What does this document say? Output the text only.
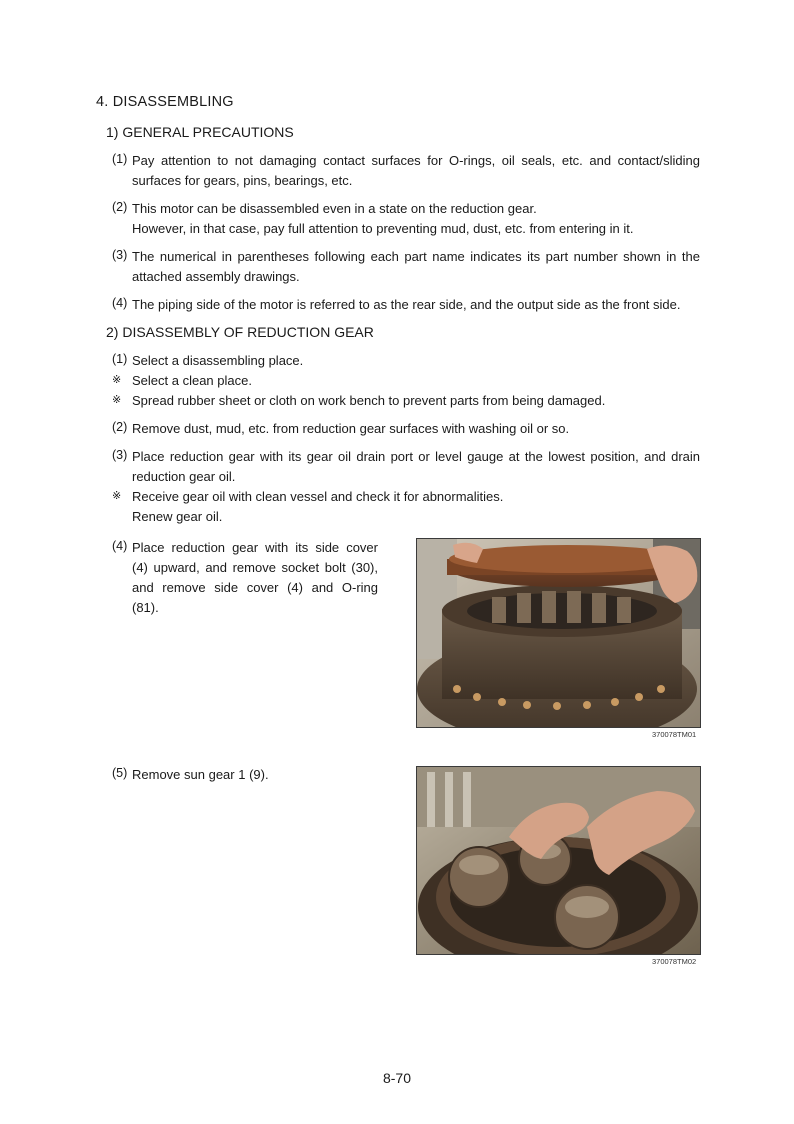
4. DISASSEMBLING
1) GENERAL PRECAUTIONS
(1) Pay attention to not damaging contact surfaces for O-rings, oil seals, etc. and contact/sliding
surfaces for gears, pins, bearings, etc.
(2) This motor can be disassembled even in a state on the reduction gear.
However, in that case, pay full attention to preventing mud, dust, etc. from entering in it.
(3) The numerical in parentheses following each part name indicates its part number shown in the
attached assembly drawings.
(4) The piping side of the motor is referred to as the rear side, and the output side as the front side.
2) DISASSEMBLY OF REDUCTION GEAR
(1) Select a disassembling place.
※ Select a clean place.
※ Spread rubber sheet or cloth on work bench to prevent parts from being damaged.
(2) Remove dust, mud, etc. from reduction gear surfaces with washing oil or so.
(3) Place reduction gear with its gear oil drain port or level gauge at the lowest position, and drain
reduction gear oil.
※ Receive gear oil with clean vessel and check it for abnormalities.
Renew gear oil.
(4) Place reduction gear with its side cover
(4) upward, and remove socket bolt (30),
and remove side cover (4) and O-ring
(81).
(5) Remove sun gear 1 (9).
370078TM01
370078TM02
8-70
